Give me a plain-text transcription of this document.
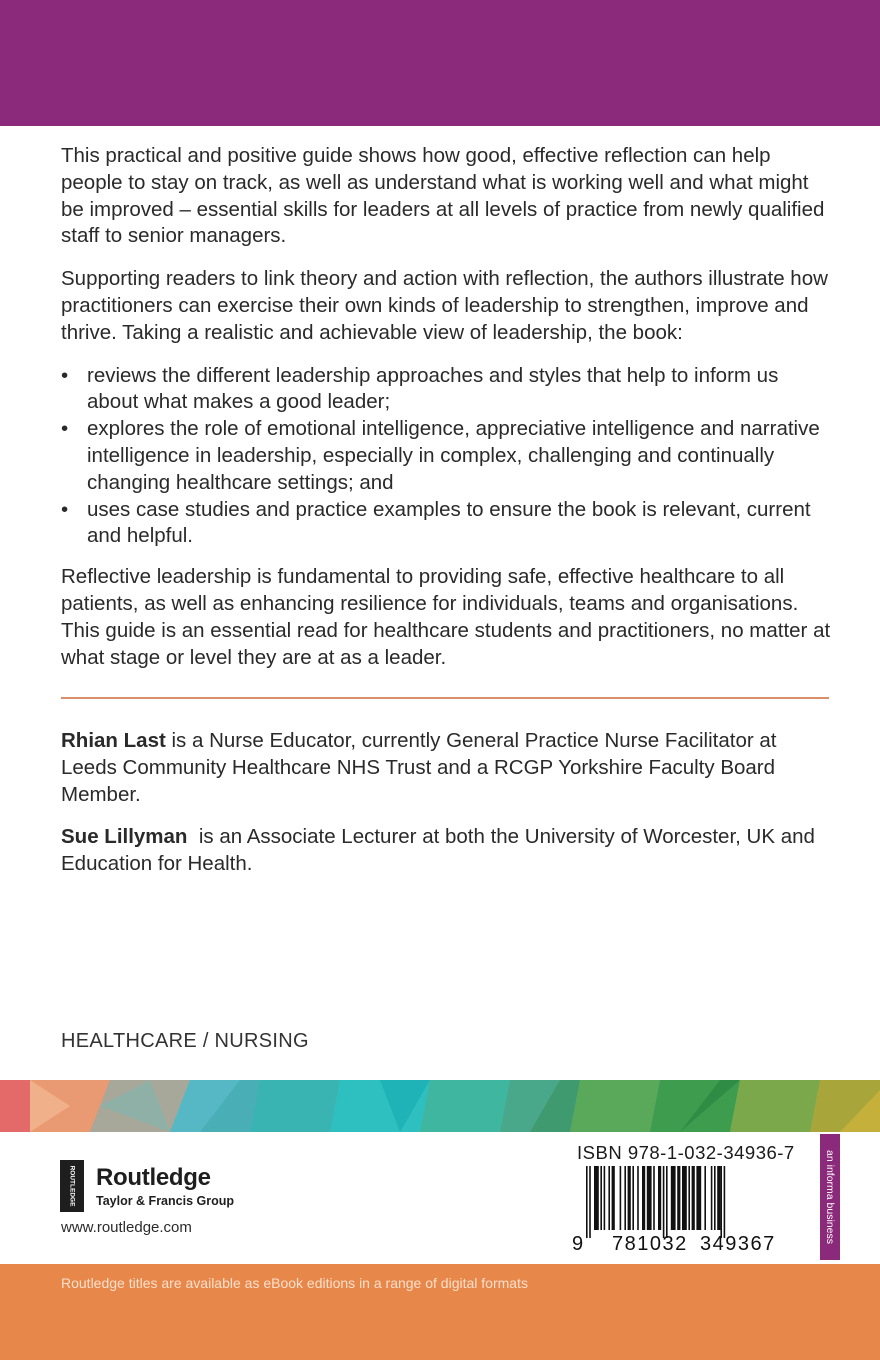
This practical and positive guide shows how good, effective reflection can help people to stay on track, as well as understand what is working well and what might be improved – essential skills for leaders at all levels of practice from newly qualified staff to senior managers.

Supporting readers to link theory and action with reflection, the authors illustrate how practitioners can exercise their own kinds of leadership to strengthen, improve and thrive. Taking a realistic and achievable view of leadership, the book:

• reviews the different leadership approaches and styles that help to inform us about what makes a good leader;
• explores the role of emotional intelligence, appreciative intelligence and narrative intelligence in leadership, especially in complex, challenging and continually changing healthcare settings; and
• uses case studies and practice examples to ensure the book is relevant, current and helpful.

Reflective leadership is fundamental to providing safe, effective healthcare to all patients, as well as enhancing resilience for individuals, teams and organisations. This guide is an essential read for healthcare students and practitioners, no matter at what stage or level they are at as a leader.

Rhian Last is a Nurse Educator, currently General Practice Nurse Facilitator at Leeds Community Healthcare NHS Trust and a RCGP Yorkshire Faculty Board Member.

Sue Lillyman  is an Associate Lecturer at both the University of Worcester, UK and Education for Health.

HEALTHCARE / NURSING
ROUTLEDGE Routledge
Taylor & Francis Group
www.routledge.com
ISBN 978-1-032-34936-7
9 781032 349367
an informa business
Routledge titles are available as eBook editions in a range of digital formats
